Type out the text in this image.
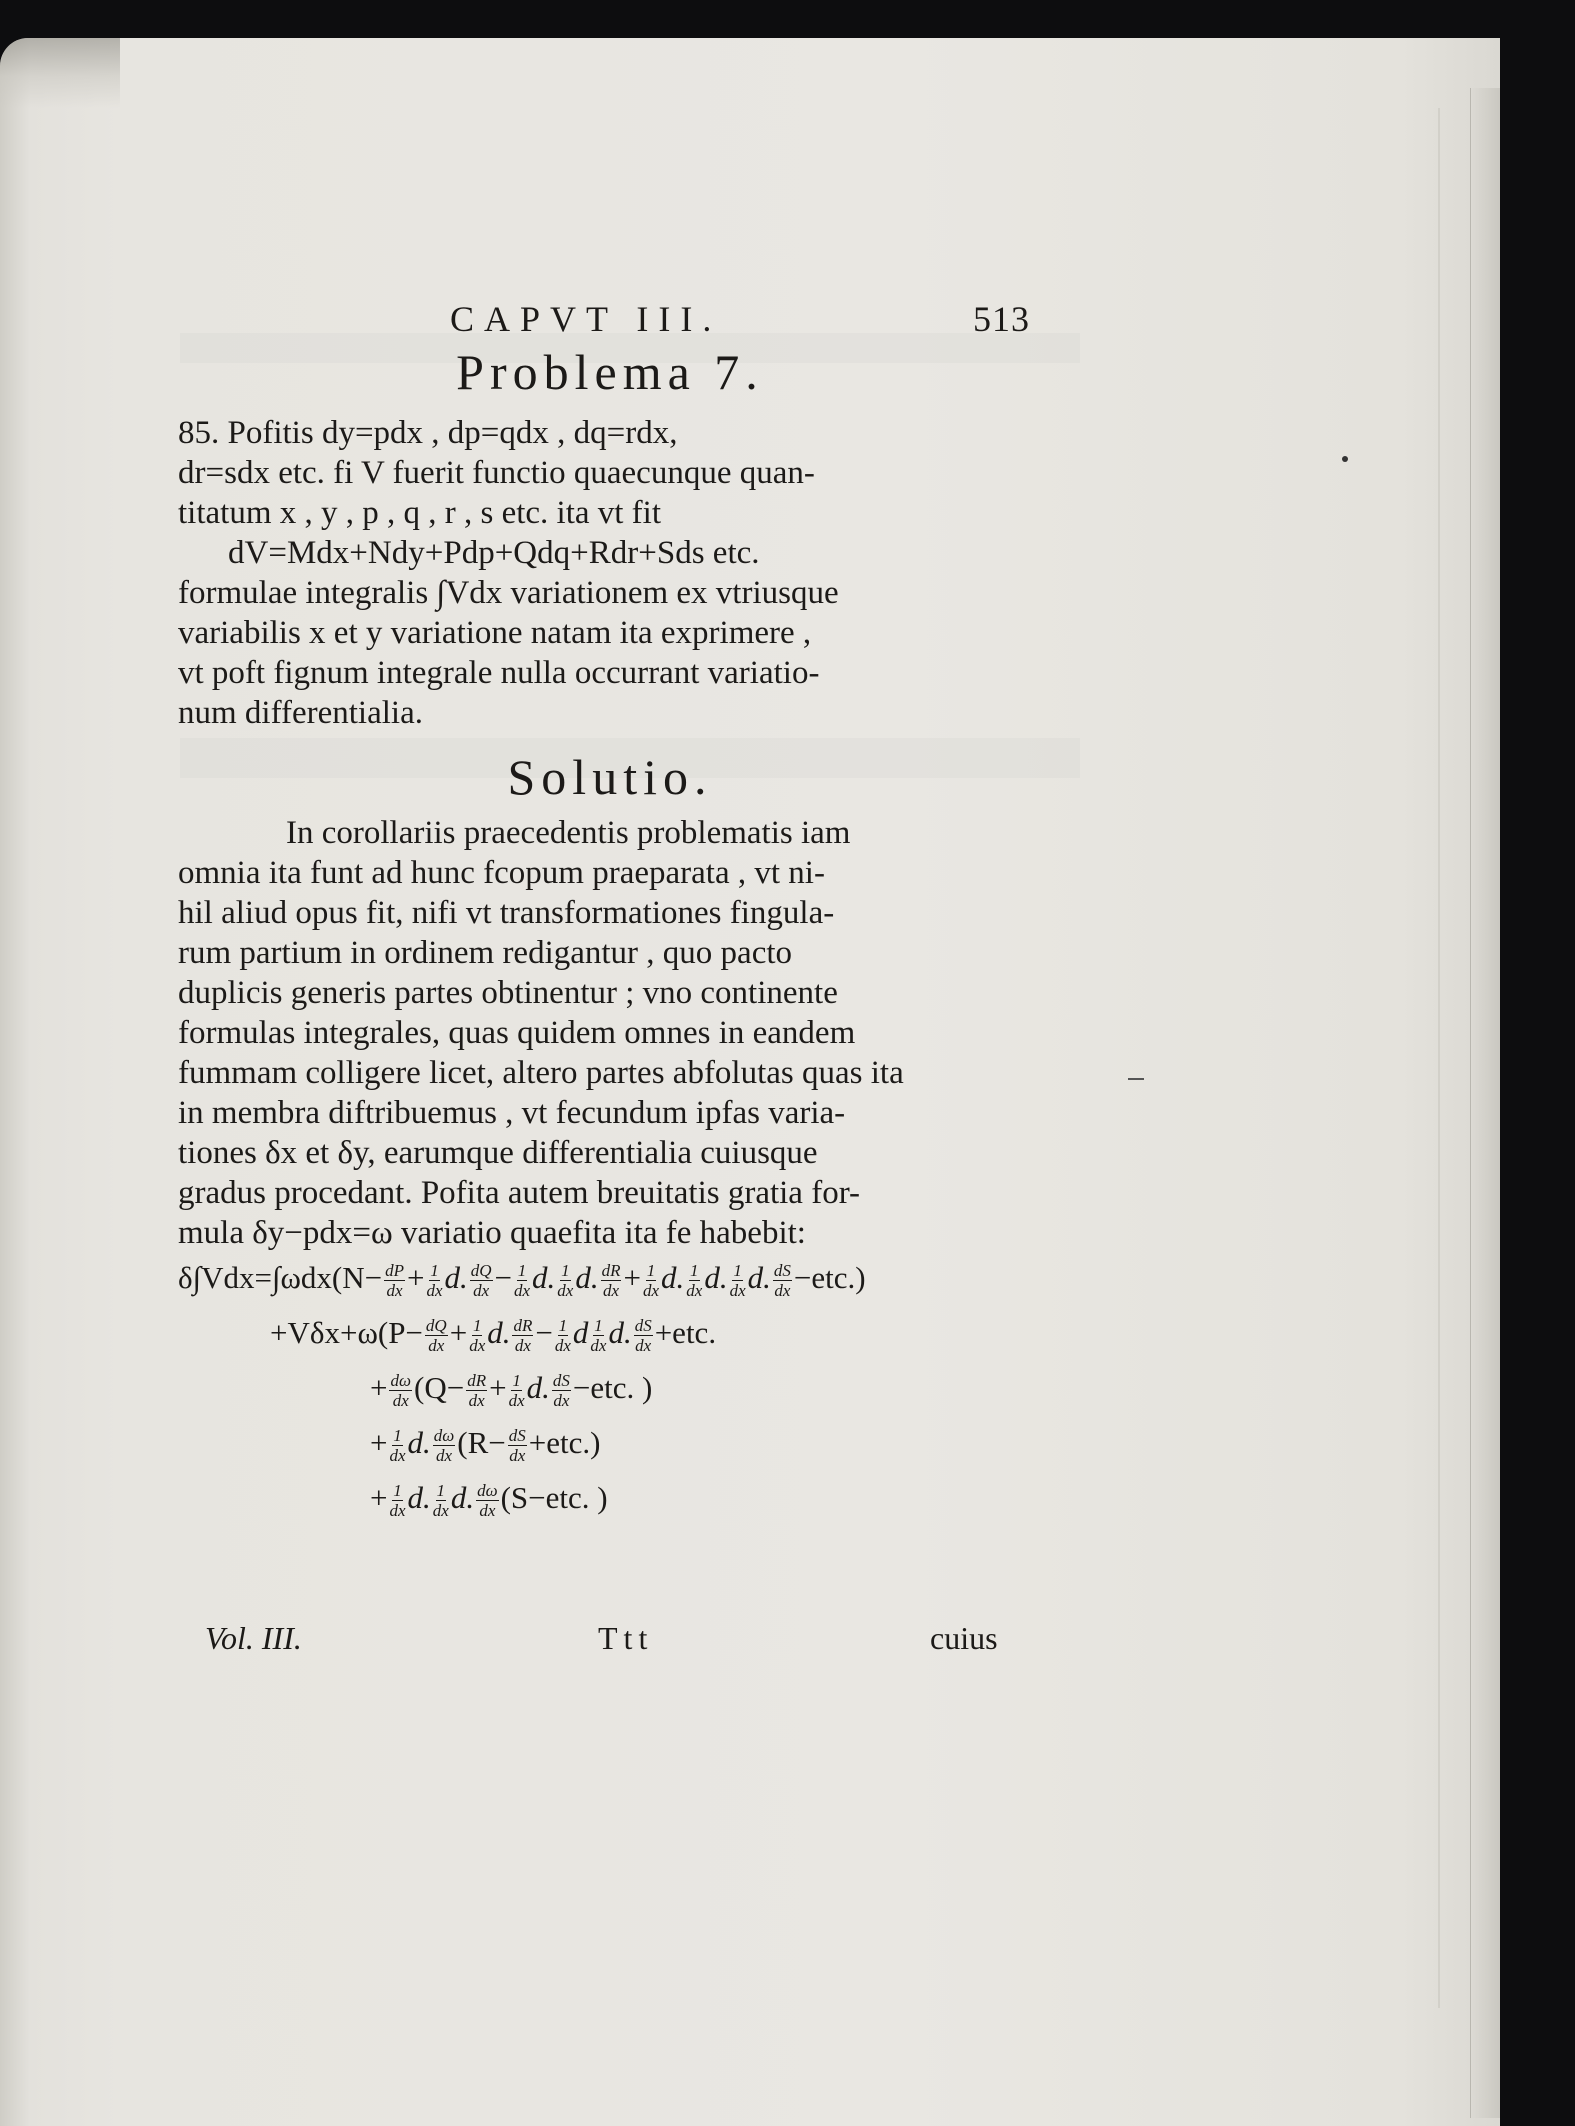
CAPVT III.	513
Problema 7.
85. Pofitis dy=pdx , dp=qdx , dq=rdx,
dr=sdx etc. fi V fuerit functio quaecunque quan-
titatum x , y , p , q , r , s etc. ita vt fit
dV=Mdx+Ndy+Pdp+Qdq+Rdr+Sds etc.
formulae integralis ∫Vdx variationem ex vtriusque
variabilis x et y variatione natam ita exprimere ,
vt poft fignum integrale nulla occurrant variatio-
num differentialia.
Solutio.
In corollariis praecedentis problematis iam
omnia ita funt ad hunc fcopum praeparata , vt ni-
hil aliud opus fit, nifi vt transformationes fingula-
rum partium in ordinem redigantur , quo pacto
duplicis generis partes obtinentur ; vno continente
formulas integrales, quas quidem omnes in eandem
fummam colligere licet, altero partes abfolutas quas ita
in membra diftribuemus , vt fecundum ipfas varia-
tiones δx et δy, earumque differentialia cuiusque
gradus procedant. Pofita autem breuitatis gratia for-
mula δy−pdx=ω variatio quaefita ita fe habebit:
$\delta\int Vdx=\int\omega dx(N- \frac{dP}{dx} + \frac{1}{dx} d$. $\frac{dQ}{dx} - \frac{1}{dx} d$. $\frac{1}{dx} d$. $\frac{dR}{dx} + \frac{1}{dx} d$. $\frac{1}{dx} d$. $\frac{1}{dx} d$. $\frac{dS}{dx} -etc$.)
$+V\delta x+\omega(P- \frac{dQ}{dx} + \frac{1}{dx} d$. $\frac{dR}{dx} - \frac{1}{dx}$ d $\frac{1}{dx} d$. $\frac{dS}{dx} +etc$.
+ $\frac{d\omega}{dx} (Q- \frac{dR}{dx} + \frac{1}{dx} d$. $\frac{dS}{dx} -etc$. )
+ $\frac{1}{dx} d$. $\frac{d\omega}{dx} (R- \frac{dS}{dx} +etc.)$
+ $\frac{1}{dx} d$. $\frac{1}{dx} d$. $\frac{d\omega}{dx} (S-etc$. )
Vol. III.	Ttt	cuius
